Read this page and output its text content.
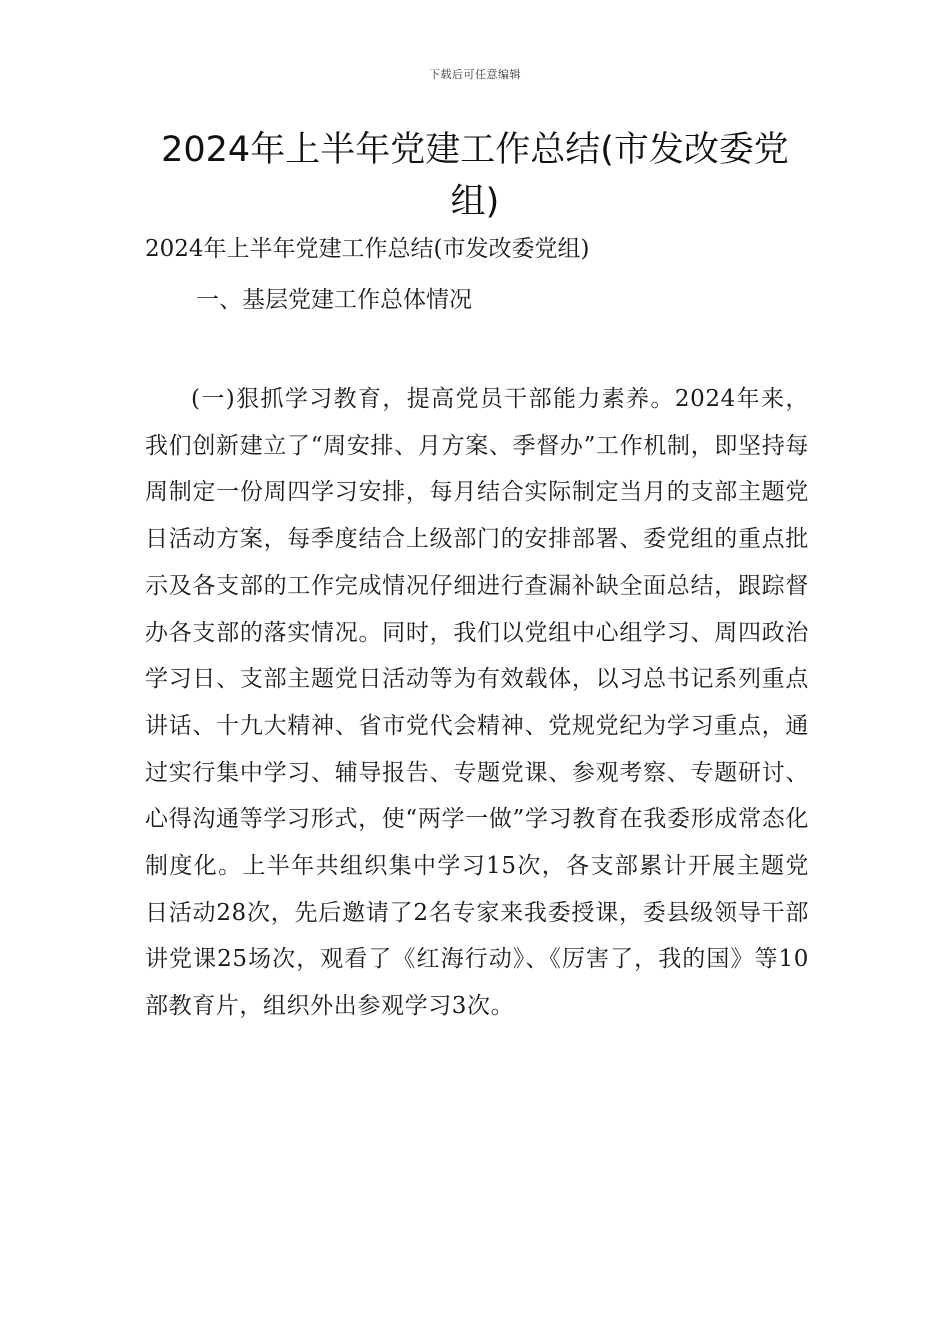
下载后可任意编辑
2024年上半年党建工作总结(市发改委党组)

2024年上半年党建工作总结(市发改委党组)

一、基层党建工作总体情况

(一)狠抓学习教育，提高党员干部能力素养。2024年来，我们创新建立了“周安排、月方案、季督办”工作机制，即坚持每周制定一份周四学习安排，每月结合实际制定当月的支部主题党日活动方案，每季度结合上级部门的安排部署、委党组的重点批示及各支部的工作完成情况仔细进行查漏补缺全面总结，跟踪督办各支部的落实情况。同时，我们以党组中心组学习、周四政治学习日、支部主题党日活动等为有效载体，以习总书记系列重点讲话、十九大精神、省市党代会精神、党规党纪为学习重点，通过实行集中学习、辅导报告、专题党课、参观考察、专题研讨、心得沟通等学习形式，使“两学一做”学习教育在我委形成常态化制度化。上半年共组织集中学习15次，各支部累计开展主题党日活动28次，先后邀请了2名专家来我委授课，委县级领导干部讲党课25场次，观看了《红海行动》、《厉害了，我的国》等10部教育片，组织外出参观学习3次。
